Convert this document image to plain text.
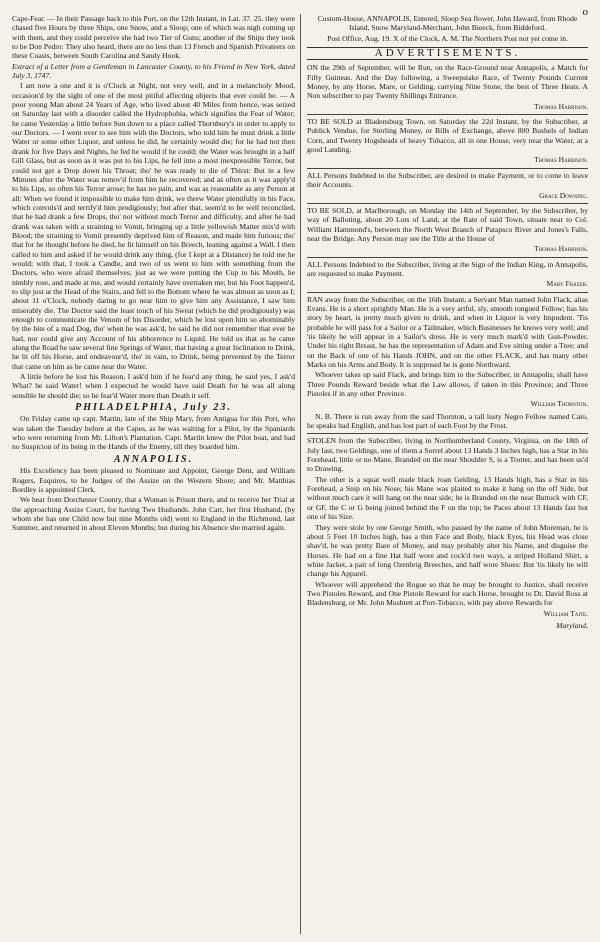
o

Cape-Fear. — In their Passage back to this Port, on the 12th Instant, in Lat. 37. 25. they were chased five Hours by three Ships, one Snow, and a Sloop; one of which was nigh coming up with them, and they could perceive she had two Tier of Guns; another of the Ships they took to be Don Pedro: They also heard, there are no less than 13 French and Spanish Privateers on these Coasts, between South Carolina and Sandy Hook.

Extract of a Letter from a Gentleman in Lancaster County, to his Friend in New York, dated July 3, 1747.

I am now a one and it is o'Clock at Night, not very well, and in a melancholy Mood, occasion'd by the sight of one of the most pitiful affecting objects that ever could be. — A poor young Man about 24 Years of Age, who lived about 40 Miles from hence, was seized on Saturday last with a disorder called the Hydrophobia, which signifies the Fear of Water; he came Yesterday a little before Sun down to a place called Thornbury's in order to apply to our Doctors. — I went over to see him with the Doctors, who told him he must drink a little Water or some other Liquor, and unless he did, he certainly would die; for he had not then drank for five Days and Nights, he fed he would if he could; the Water was brought in a half Gill Glass, but as soon as it was put to his Lips, he fell into a most inexpressible Terror, but could not get a Drop down his Throat; tho' he was ready to die of Thirst: But in a few Minutes after the Water was remov'd from him he recovered; and as often as it was apply'd to his Lips, so often his Terror arose; he has no pain, and was as reasonable as any Person at all: When we found it impossible to make him drink, we threw Water plentifully in his Face, which convuls'd and terrify'd him prodigiously; but after that, seem'd to be well reconciled, that he had drank a few Drops, tho' not without much Terror and difficulty, and after he had drank was taken with a straining to Vomit, bringing up a little yellowish Matter mix'd with Blood; the straining to Vomit presently deprived him of Reason, and made him furious; tho' that for he thought before he died, he fit himself on his Breech, leaning against a Wall. I then called to him and asked if he would drink any thing, (for I kept at a Distance) he told me he would; with that, I took a Candle, and two of us went to him with something from the Doctors, who were afraid themselves; just as we were putting the Cup to his Mouth, he nimbly rose, and made at me, and would certainly have overtaken me; but his Foot happen'd, to slip just at the Head of the Stairs, and fell to the Bottom where he was almost as soon as I; about 11 o'Clock, nobody daring to go near him to give him any Assistance, I saw him miserably die. The Doctor said the least touch of his Sweat (which he did prodigiously) was enough to communicate the Venom of his Disorder, which he lost upon him so abominably by the bite of a mad Dog, tho' when he was ask'd, he said he did not remember that ever he had, nor could give any Account of his abhorrence to Liquid. He told us that as he came along the Road he saw several fine Springs of Water, that having a great Inclination to Drink, he lit off his Horse, and endeavour'd, tho' in vain, to Drink, being prevented by the Terror that came on him as he came near the Water.

A little before he lost his Reason, I ask'd him if he fear'd any thing, he said yes, I ask'd What? he said Water! when I expected he would have said Death for he was all along sensible he should die; so he fear'd Water more than Death it self.

PHILADELPHIA, July 23.

On Friday came up capt. Martin, late of the Ship Mary, from Antigua for this Port, who was taken the Tuesday before at the Capes, as he was waiting for a Pilot, by the Spaniards who were returning from Mr. Lifton's Plantation. Capt. Martin knew the Pilot boat, and had no Suspicion of its being in the Hands of the Enemy, till they boarded him.

ANNAPOLIS.

His Excellency has been pleased to Nominate and Appoint, George Dent, and William Rogers, Esquires, to be Judges of the Assize on the Western Shore; and Mr. Matthias Bordley is appointed Clerk.

We hear from Dorchester County, that a Woman is Prison there, and to receive her Trial at the approaching Assize Court, for having Two Husbands. John Carr, her first Husband, (by whom she has one Child now but nine Months old) went to England in the Richmond, last Summer, and returned in about Eleven Months; but during his Absence she married again.

Custom-House, ANNAPOLIS, Entered, Sloop Sea flower, John Haward, from Rhode Island, Snow Maryland-Merchant, John Bieeck, from Biddeford.

Post Office, Aug. 19. X of the Clock, A. M. The Northern Post not yet come in.

ADVERTISEMENTS.

ON the 29th of September, will be Run, on the Race-Ground near Annapolis, a Match for Fifty Guineas. And the Day following, a Sweepstake Race, of Twenty Pounds Current Money, by any Horse, Mare, or Gelding, carrying Nine Stone, the best of Three Heats. A Non subscriber to pay Twenty Shillings Entrance.

Thomas Harrison.

TO BE SOLD at Bladensburg Town, on Saturday the 22d Instant, by the Subscriber, at Publick Vendue, for Sterling Money, or Bills of Exchange, above 800 Bushels of Indian Corn, and Twenty Hogsheads of heavy Tobacco, all in one House, very near the Water, at a good Landing.

Thomas Harrison.

ALL Persons Indebted to the Subscriber, are desired to make Payment, or to come to leave their Accounts.

Grace Downing.

TO BE SOLD, at Marlborough, on Monday the 14th of September, by the Subscriber, by way of Balloting, about 20 Lots of Land, at the Rate of said Town, situate near to Col. William Hammond's, between the North West Branch of Patapsco River and Jones's Falls, near the Bridge. Any Person may see the Title at the House of

Thomas Harrison.

ALL Persons Indebted to the Subscriber, living at the Sign of the Indian King, in Annapolis, are requested to make Payment.

Mary Frazer.

RAN away from the Subscriber, on the 16th Instant, a Servant Man named John Flack, alias Evans. He is a short sprightly Man. He is a very artful, sly, smooth tongued Fellow; has his story by heart, is pretty much given to drink, and when in Liquor is very Impudent. 'Tis probable he will pass for a Sailor or a Tailmaker, which Businesses he knows very well; and 'tis likely he will appear in a Sailor's dress. He is very much mark'd with Gun-Powder. Under his right Breast, he has the representation of Adam and Eve sitting under a Tree; and on the Back of one of his Hands JOHN, and on the other FLACK, and has many other Marks on his Arms and Body. It is supposed he is gone Northward.

Whoever takes up said Flack, and brings him to the Subscriber, in Annapolis, shall have Three Pounds Reward beside what the Law allows, if taken in this Province; and Three Pistoles if in any other Province.

William Thornton.

N. B. There is run away from the said Thornton, a tall lusty Negro Fellow named Cato, he speaks bad English, and has lost part of each Foot by the Frost.

STOLEN from the Subscriber, living in Northumberland County, Virginia, on the 18th of July last, two Geldings, one of them a Sorrel about 13 Hands 3 Inches high, has a Star in his Forehead, little or no Mane, Branded on the near Shoulder S, is a Trotter, and has been us'd to Drawing.

The other is a squat well made black roan Gelding, 13 Hands high, has a Star in his Forehead, a Snip on his Nose; his Mane was plaited to make it hang on the off Side, but without much care it will hang on the near side; he is Branded on the near Buttock with CF, or GF, the C or G being joined behind the F on the top; he Paces about 13 Hands fast but one of his Size.

They were stole by one George Smith, who passed by the name of John Moreman, he is about 5 Feet 10 Inches high, has a thin Face and Body, black Eyes, his Head was close shav'd, he was pretty Bare of Money, and may probably alter his Name, and disguise the Horses. He had on a fine Hat half wore and cock'd two ways, a striped Holland Shirt, a white Jacket, a pair of long Ozenbrig Breeches, and half wore Shoes: But 'tis likely he will change his Apparel.

Whoever will apprehend the Rogue so that he may be brought to Justice, shall receive Two Pistoles Reward, and One Pistole Reward for each Horse, brought to Dr. David Ross at Bladensburg, or Mr. John Mushtett at Port-Tobacco, with pay above Rewards for

William Taite.
Maryland,
